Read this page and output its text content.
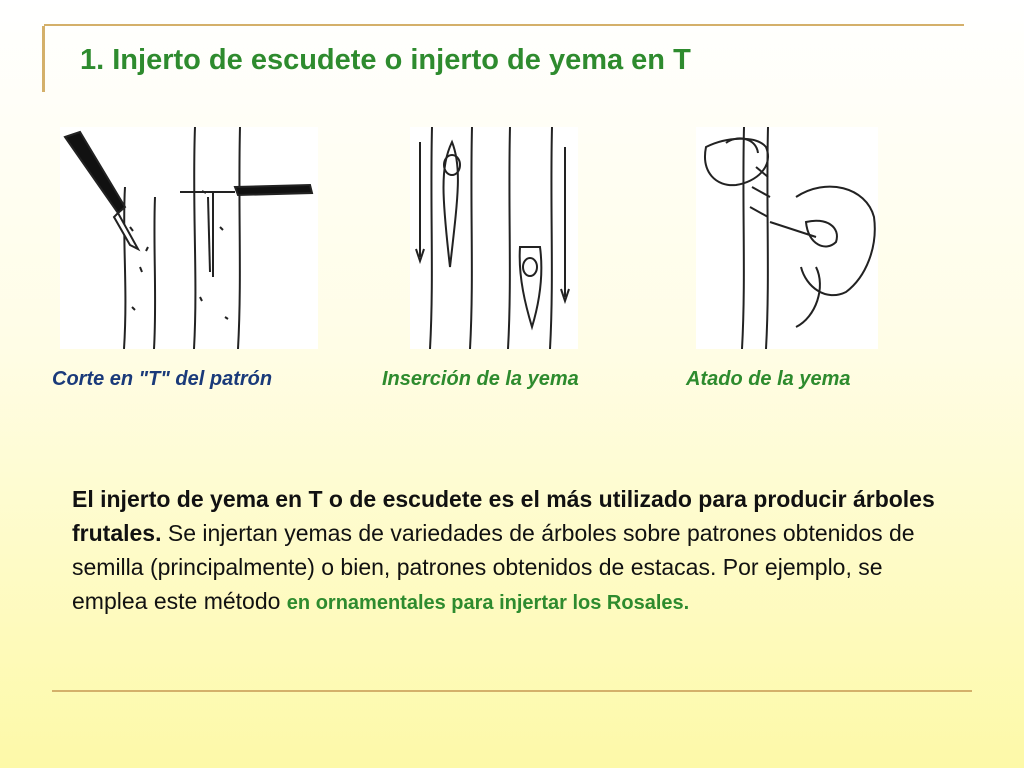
1. Injerto de escudete o injerto de yema en T

Corte en "T" del patrón	Inserción de la yema	Atado de la yema

El injerto de yema en T o de escudete es el más utilizado para producir árboles frutales. Se injertan yemas de variedades de árboles sobre patrones obtenidos de semilla (principalmente) o bien, patrones obtenidos de estacas. Por ejemplo, se emplea este método en ornamentales para injertar los Rosales.
